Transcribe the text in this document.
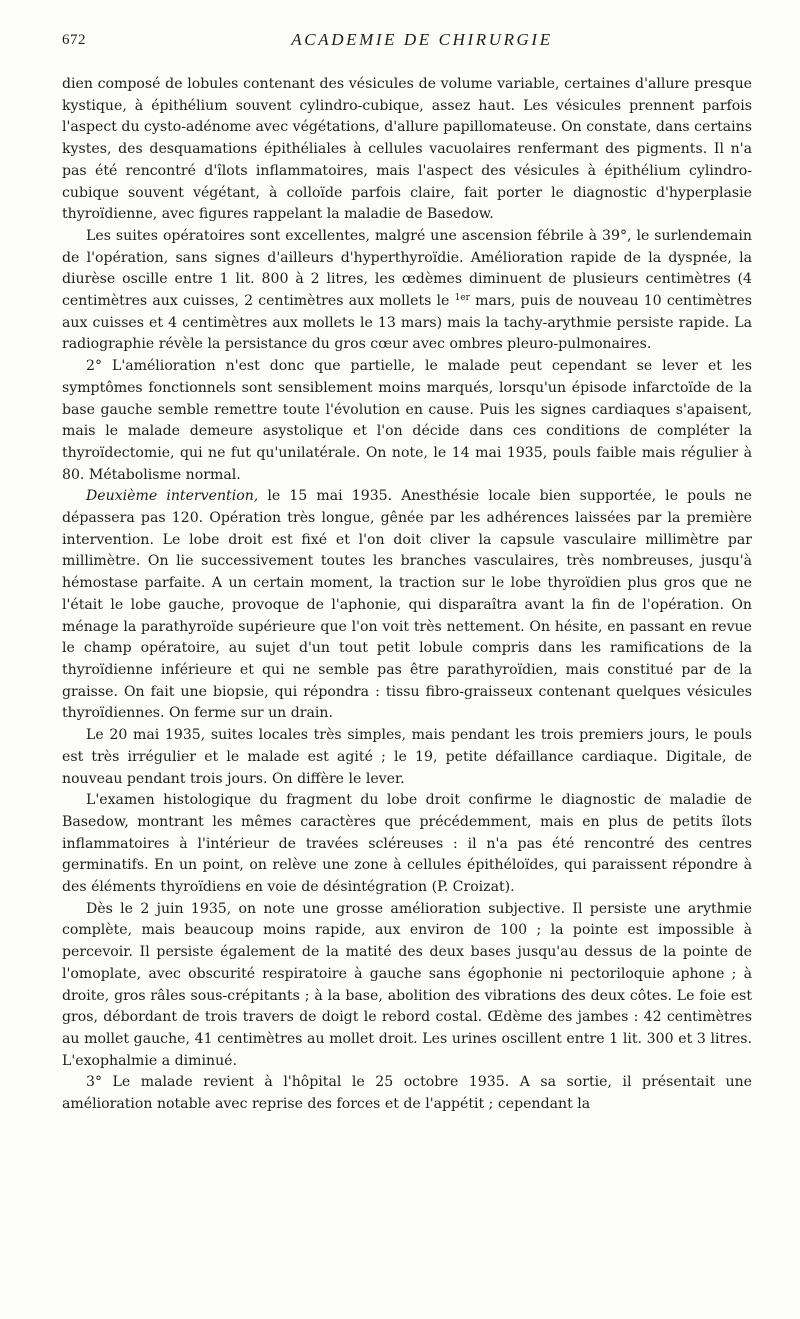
672	ACADEMIE DE CHIRURGIE

dien composé de lobules contenant des vésicules de volume variable, certaines d'allure presque kystique, à épithélium souvent cylindro-cubique, assez haut. Les vésicules prennent parfois l'aspect du cysto-adénome avec végétations, d'allure papillomateuse. On constate, dans certains kystes, des desquamations épithéliales à cellules vacuolaires renfermant des pigments. Il n'a pas été rencontré d'îlots inflammatoires, mais l'aspect des vésicules à épithélium cylindro-cubique souvent végétant, à colloïde parfois claire, fait porter le diagnostic d'hyperplasie thyroïdienne, avec figures rappelant la maladie de Basedow.

Les suites opératoires sont excellentes, malgré une ascension fébrile à 39°, le surlendemain de l'opération, sans signes d'ailleurs d'hyperthyroïdie. Amélioration rapide de la dyspnée, la diurèse oscille entre 1 lit. 800 à 2 litres, les œdèmes diminuent de plusieurs centimètres (4 centimètres aux cuisses, 2 centimètres aux mollets le $^{1er}$ mars, puis de nouveau 10 centimètres aux cuisses et 4 centimètres aux mollets le 13 mars) mais la tachy-arythmie persiste rapide. La radiographie révèle la persistance du gros cœur avec ombres pleuro-pulmonaires.

2° L'amélioration n'est donc que partielle, le malade peut cependant se lever et les symptômes fonctionnels sont sensiblement moins marqués, lorsqu'un épisode infarctoïde de la base gauche semble remettre toute l'évolution en cause. Puis les signes cardiaques s'apaisent, mais le malade demeure asystolique et l'on décide dans ces conditions de compléter la thyroïdectomie, qui ne fut qu'unilatérale. On note, le 14 mai 1935, pouls faible mais régulier à 80. Métabolisme normal.

Deuxième intervention, le 15 mai 1935. Anesthésie locale bien supportée, le pouls ne dépassera pas 120. Opération très longue, gênée par les adhérences laissées par la première intervention. Le lobe droit est fixé et l'on doit cliver la capsule vasculaire millimètre par millimètre. On lie successivement toutes les branches vasculaires, très nombreuses, jusqu'à hémostase parfaite. A un certain moment, la traction sur le lobe thyroïdien plus gros que ne l'était le lobe gauche, provoque de l'aphonie, qui disparaîtra avant la fin de l'opération. On ménage la parathyroïde supérieure que l'on voit très nettement. On hésite, en passant en revue le champ opératoire, au sujet d'un tout petit lobule compris dans les ramifications de la thyroïdienne inférieure et qui ne semble pas être parathyroïdien, mais constitué par de la graisse. On fait une biopsie, qui répondra : tissu fibro-graisseux contenant quelques vésicules thyroïdiennes. On ferme sur un drain.

Le 20 mai 1935, suites locales très simples, mais pendant les trois premiers jours, le pouls est très irrégulier et le malade est agité ; le 19, petite défaillance cardiaque. Digitale, de nouveau pendant trois jours. On diffère le lever.

L'examen histologique du fragment du lobe droit confirme le diagnostic de maladie de Basedow, montrant les mêmes caractères que précédemment, mais en plus de petits îlots inflammatoires à l'intérieur de travées scléreuses : il n'a pas été rencontré des centres germinatifs. En un point, on relève une zone à cellules épithéloïdes, qui paraissent répondre à des éléments thyroïdiens en voie de désintégration (P. Croizat).

Dès le 2 juin 1935, on note une grosse amélioration subjective. Il persiste une arythmie complète, mais beaucoup moins rapide, aux environ de 100 ; la pointe est impossible à percevoir. Il persiste également de la matité des deux bases jusqu'au dessus de la pointe de l'omoplate, avec obscurité respiratoire à gauche sans égophonie ni pectoriloquie aphone ; à droite, gros râles sous-crépitants ; à la base, abolition des vibrations des deux côtes. Le foie est gros, débordant de trois travers de doigt le rebord costal. Œdème des jambes : 42 centimètres au mollet gauche, 41 centimètres au mollet droit. Les urines oscillent entre 1 lit. 300 et 3 litres. L'exophalmie a diminué.

3° Le malade revient à l'hôpital le 25 octobre 1935. A sa sortie, il présentait une amélioration notable avec reprise des forces et de l'appétit ; cependant la
